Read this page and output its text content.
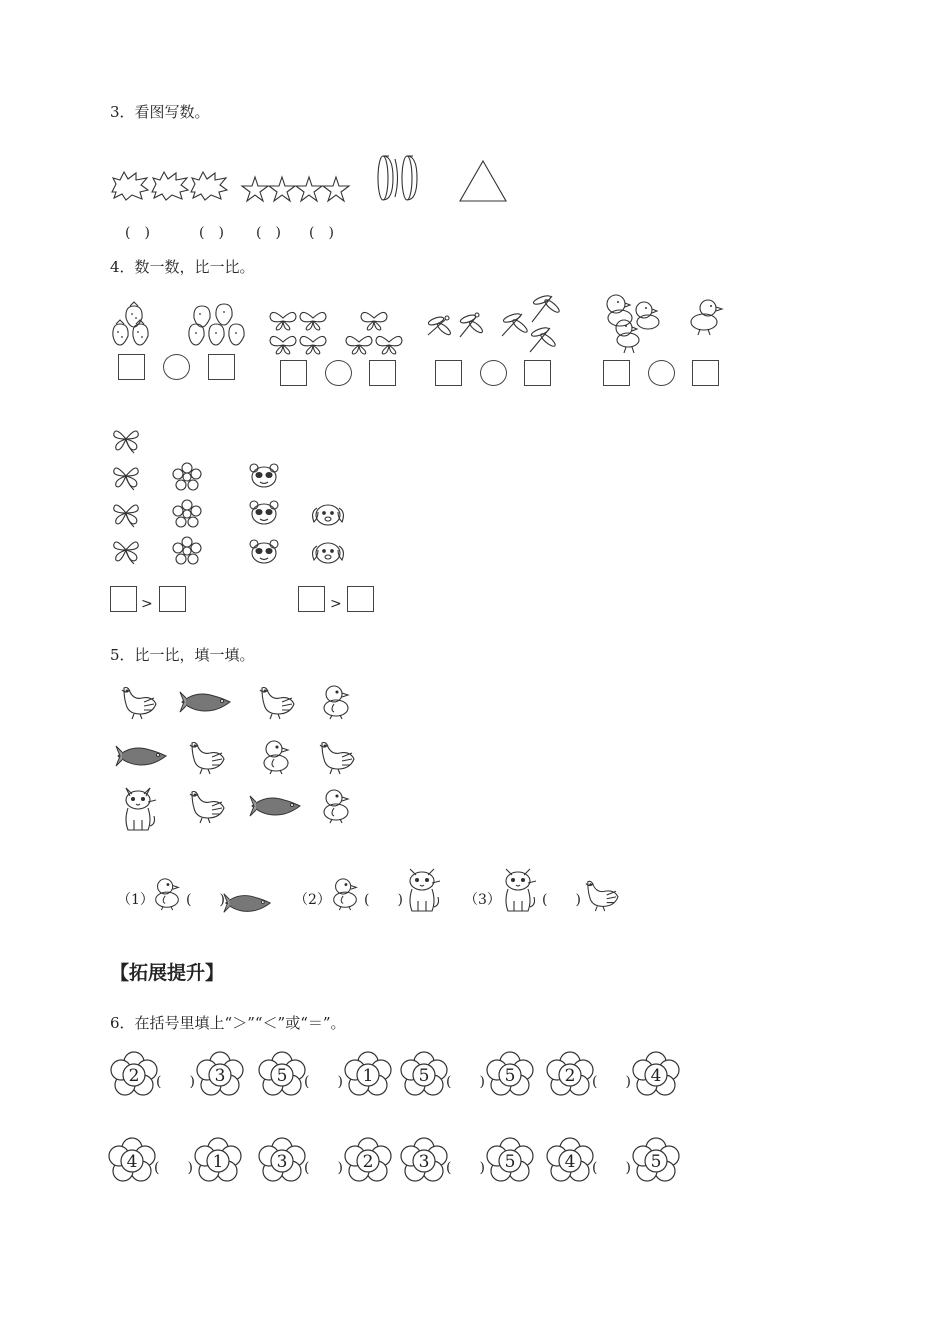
3．看图写数。
(　)	(　) (　) (　)
4．数一数，比一比。
>	>
5．比一比，填一填。
（1） (　　)	（2） (　　)	（3）	(　　)
【拓展提升】
6．在括号里填上“＞”“＜”或“＝”。
2 (　　) 3	5 (　　) 1	5 (　　) 5	2 (　　) 4
4 (　　) 1	3 (　　) 2	3 (　　) 5	4 (　　) 5
